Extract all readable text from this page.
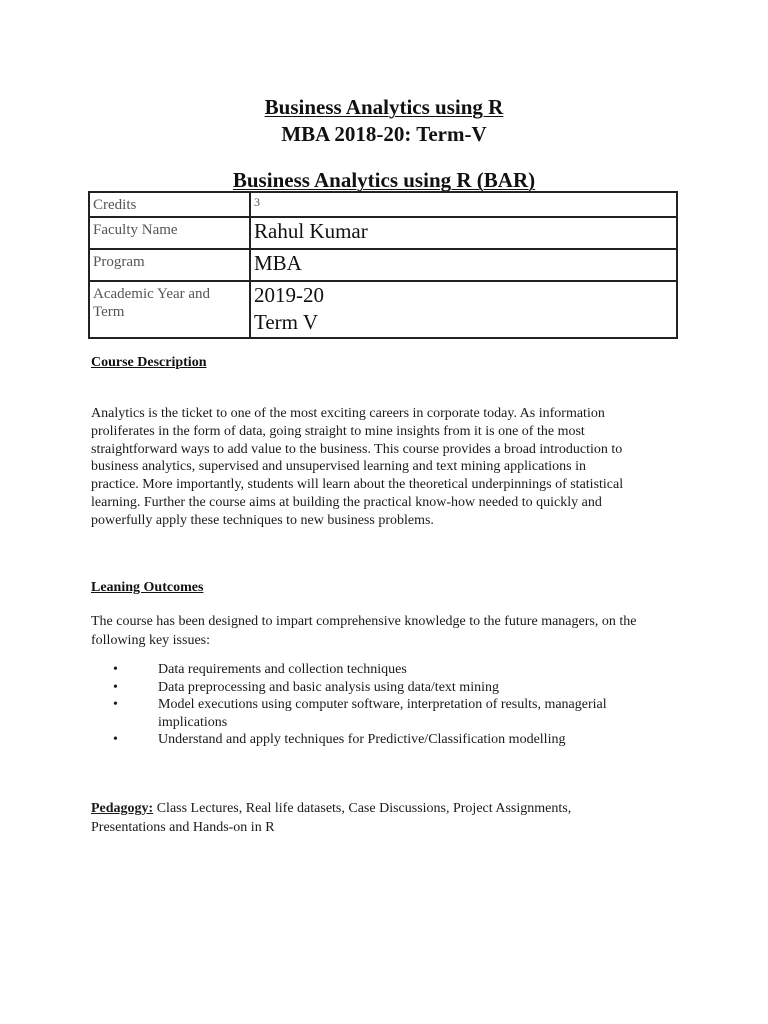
Business Analytics using R
MBA 2018-20: Term-V
Business Analytics using R (BAR)
Credits	3
Faculty Name	Rahul Kumar
Program	MBA
Academic Year and
Term	2019-20
Term V
Course Description
Analytics is the ticket to one of the most exciting careers in corporate today. As information
proliferates in the form of data, going straight to mine insights from it is one of the most
straightforward ways to add value to the business. This course provides a broad introduction to
business analytics, supervised and unsupervised learning and text mining applications in
practice. More importantly, students will learn about the theoretical underpinnings of statistical
learning. Further the course aims at building the practical know-how needed to quickly and
powerfully apply these techniques to new business problems.
Leaning Outcomes
The course has been designed to impart comprehensive knowledge to the future managers, on the
following key issues:
•	Data requirements and collection techniques
•	Data preprocessing and basic analysis using data/text mining
•	Model executions using computer software, interpretation of results, managerial
implications
•	Understand and apply techniques for Predictive/Classification modelling
Pedagogy: Class Lectures, Real life datasets, Case Discussions, Project Assignments,
Presentations and Hands-on in R
